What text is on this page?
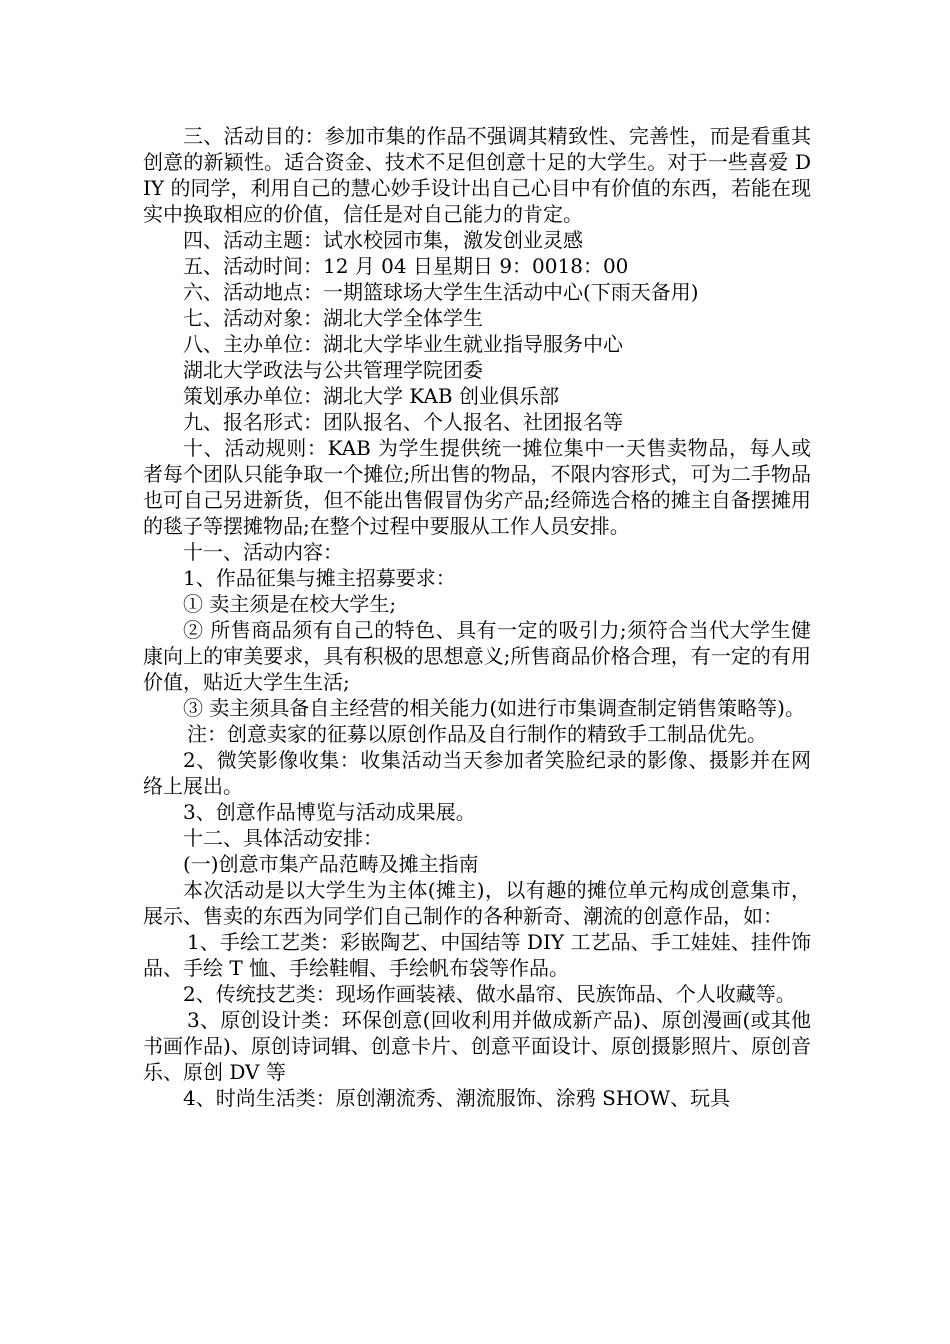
三、活动目的：参加市集的作品不强调其精致性、完善性，而是看重其创意的新颖性。适合资金、技术不足但创意十足的大学生。对于一些喜爱 DIY 的同学，利用自己的慧心妙手设计出自己心目中有价值的东西，若能在现实中换取相应的价值，信任是对自己能力的肯定。

四、活动主题：试水校园市集，激发创业灵感

五、活动时间：12 月 04 日星期日 9：0018：00

六、活动地点：一期篮球场大学生生活动中心(下雨天备用)

七、活动对象：湖北大学全体学生

八、主办单位：湖北大学毕业生就业指导服务中心

湖北大学政法与公共管理学院团委

策划承办单位：湖北大学 KAB 创业俱乐部

九、报名形式：团队报名、个人报名、社团报名等

十、活动规则：KAB 为学生提供统一摊位集中一天售卖物品，每人或者每个团队只能争取一个摊位;所出售的物品，不限内容形式，可为二手物品也可自己另进新货，但不能出售假冒伪劣产品;经筛选合格的摊主自备摆摊用的毯子等摆摊物品;在整个过程中要服从工作人员安排。

十一、活动内容：

1、作品征集与摊主招募要求：

① 卖主须是在校大学生;

② 所售商品须有自己的特色、具有一定的吸引力;须符合当代大学生健康向上的审美要求，具有积极的思想意义;所售商品价格合理，有一定的有用价值，贴近大学生生活;

③ 卖主须具备自主经营的相关能力(如进行市集调查制定销售策略等)。

注：创意卖家的征募以原创作品及自行制作的精致手工制品优先。

2、微笑影像收集：收集活动当天参加者笑脸纪录的影像、摄影并在网络上展出。

3、创意作品博览与活动成果展。

十二、具体活动安排：

(一)创意市集产品范畴及摊主指南

本次活动是以大学生为主体(摊主)，以有趣的摊位单元构成创意集市，展示、售卖的东西为同学们自己制作的各种新奇、潮流的创意作品，如：

1、手绘工艺类：彩嵌陶艺、中国结等 DIY 工艺品、手工娃娃、挂件饰品、手绘 T 恤、手绘鞋帽、手绘帆布袋等作品。

2、传统技艺类：现场作画装裱、做水晶帘、民族饰品、个人收藏等。

3、原创设计类：环保创意(回收利用并做成新产品)、原创漫画(或其他书画作品)、原创诗词辑、创意卡片、创意平面设计、原创摄影照片、原创音乐、原创 DV 等

4、时尚生活类：原创潮流秀、潮流服饰、涂鸦 SHOW、玩具
